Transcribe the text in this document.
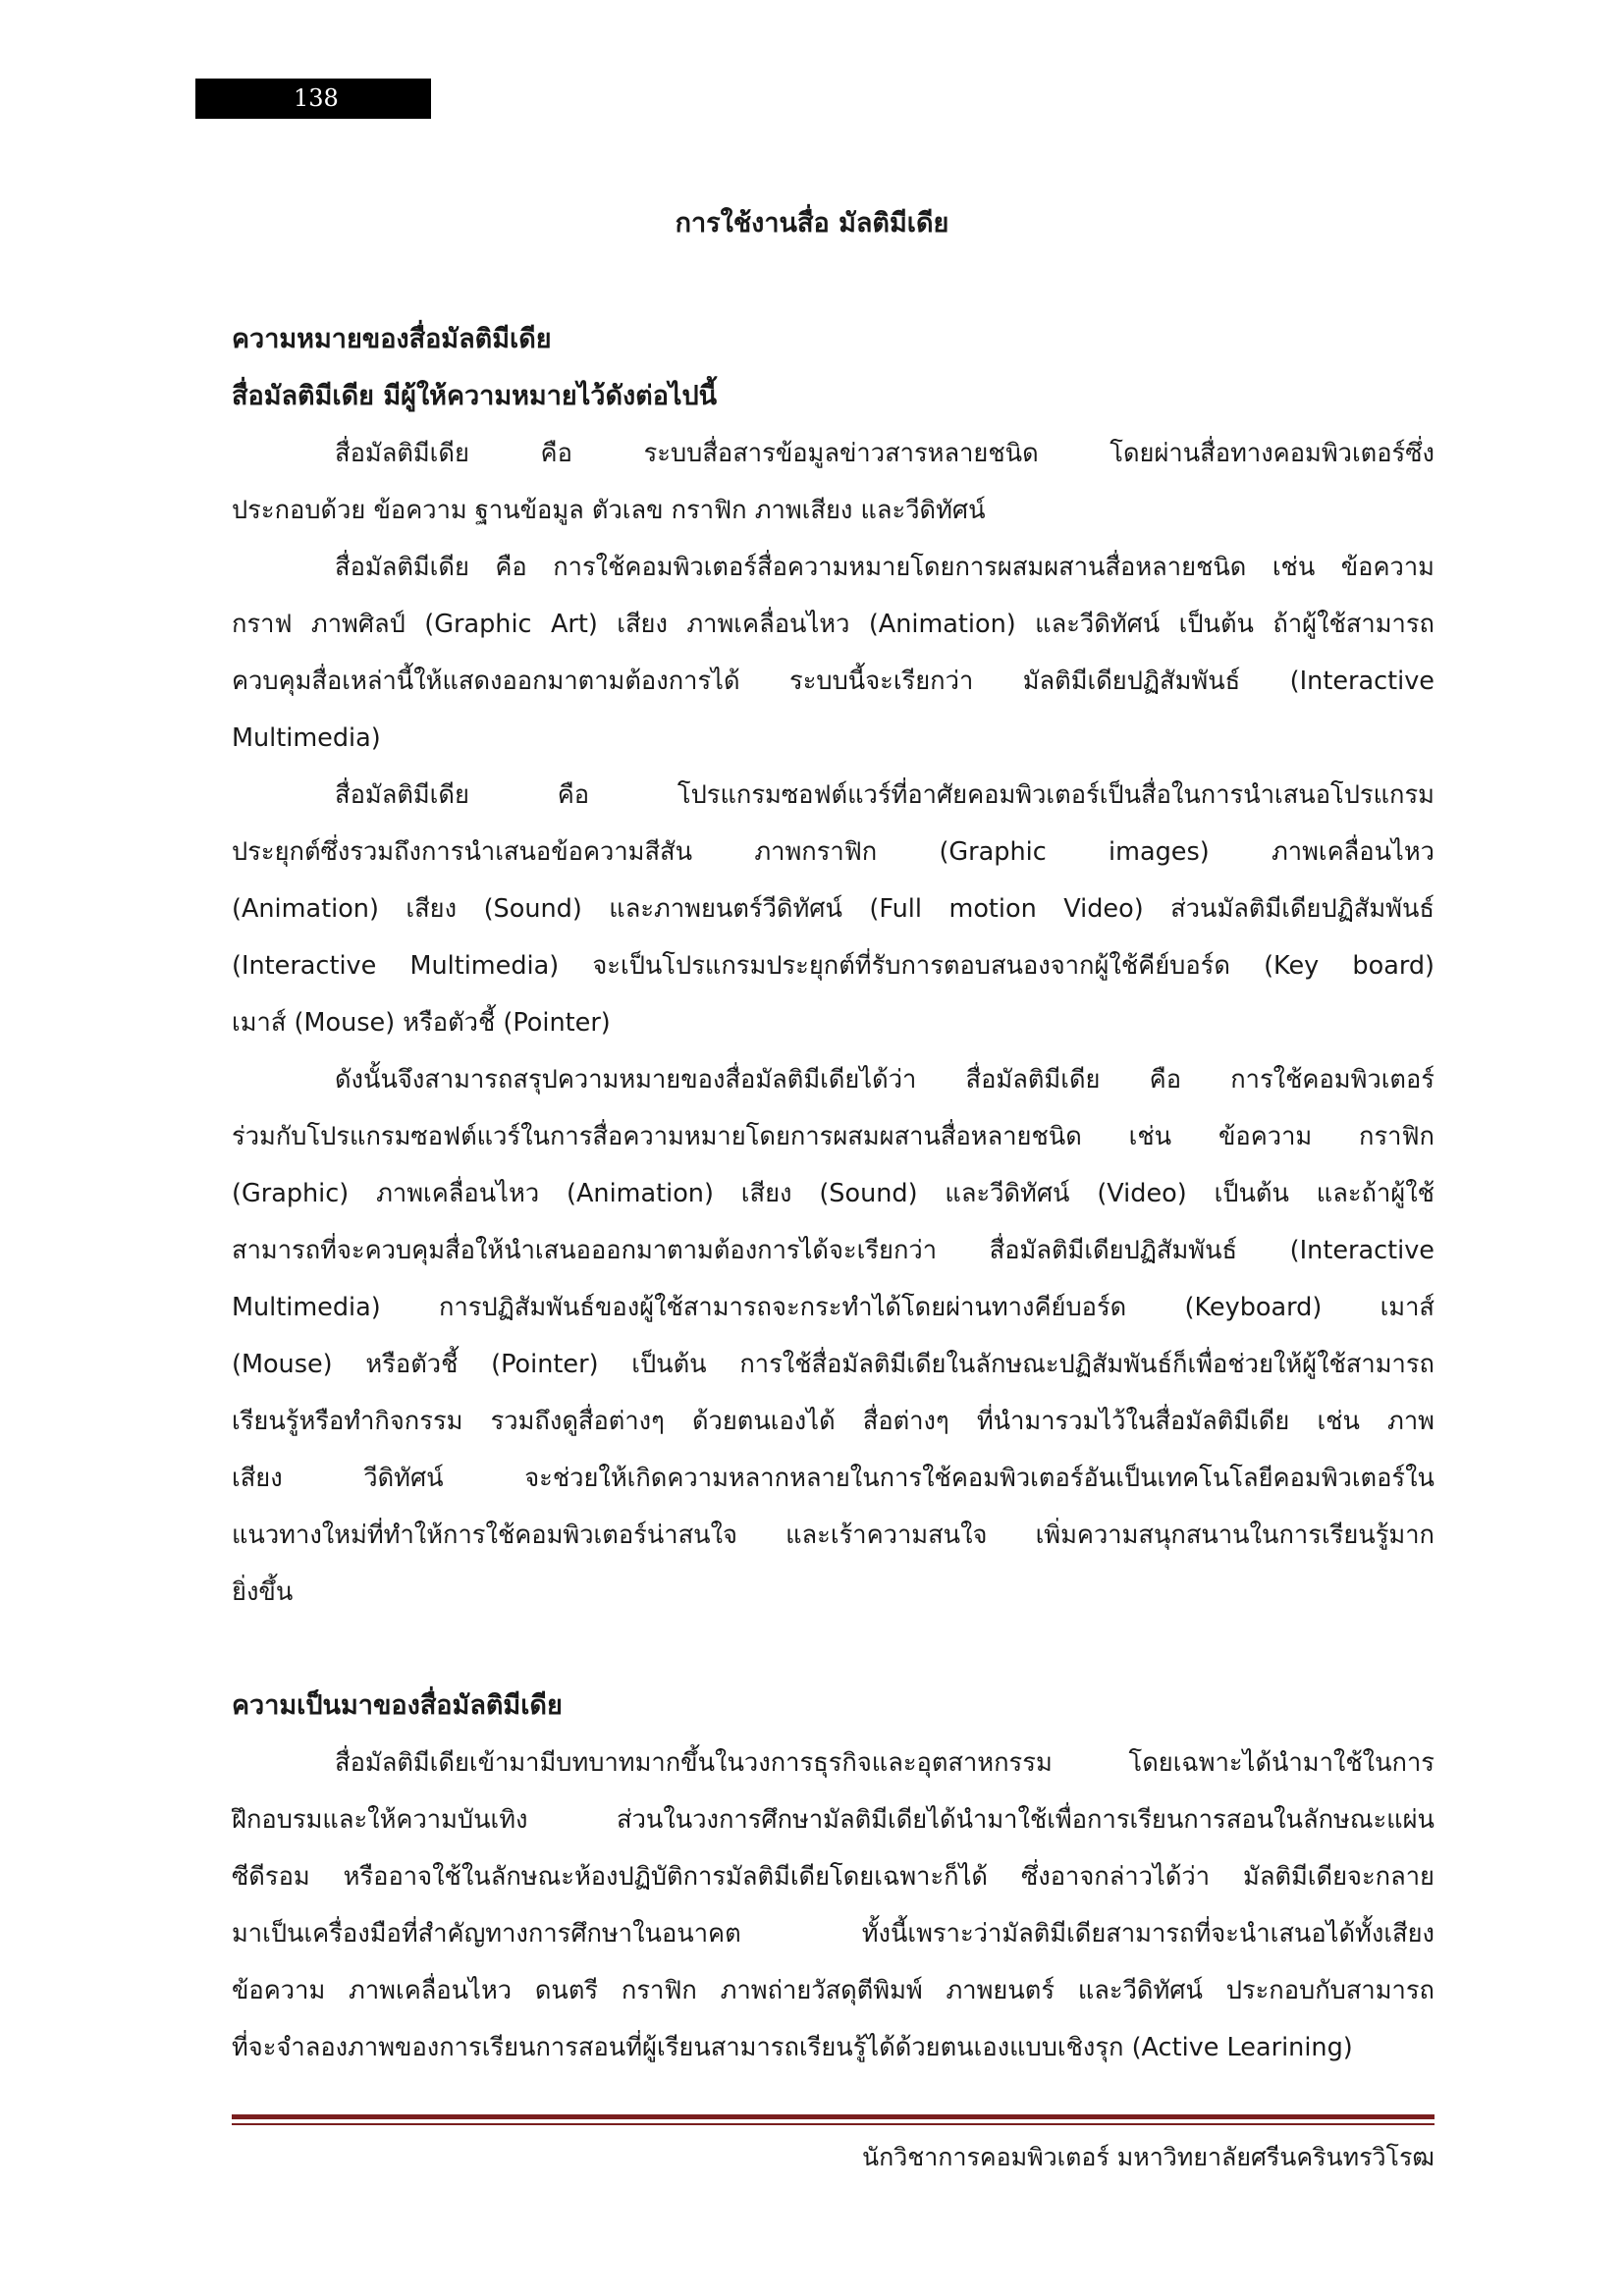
138
การใช้งานสื่อ มัลติมีเดีย
ความหมายของสื่อมัลติมีเดีย
สื่อมัลติมีเดีย มีผู้ให้ความหมายไว้ดังต่อไปนี้
สื่อมัลติมีเดีย คือ ระบบสื่อสารข้อมูลข่าวสารหลายชนิด โดยผ่านสื่อทางคอมพิวเตอร์ซึ่ง
ประกอบด้วย ข้อความ ฐานข้อมูล ตัวเลข กราฟิก ภาพเสียง และวีดิทัศน์
สื่อมัลติมีเดีย คือ การใช้คอมพิวเตอร์สื่อความหมายโดยการผสมผสานสื่อหลายชนิด เช่น ข้อความ
กราฟ ภาพศิลป์ (Graphic Art) เสียง ภาพเคลื่อนไหว (Animation) และวีดิทัศน์ เป็นต้น ถ้าผู้ใช้สามารถ
ควบคุมสื่อเหล่านี้ให้แสดงออกมาตามต้องการได้ ระบบนี้จะเรียกว่า มัลติมีเดียปฏิสัมพันธ์ (Interactive
Multimedia)
สื่อมัลติมีเดีย คือ โปรแกรมซอฟต์แวร์ที่อาศัยคอมพิวเตอร์เป็นสื่อในการนำเสนอโปรแกรม
ประยุกต์ซึ่งรวมถึงการนำเสนอข้อความสีสัน ภาพกราฟิก (Graphic images) ภาพเคลื่อนไหว
(Animation) เสียง (Sound) และภาพยนตร์วีดิทัศน์ (Full motion Video) ส่วนมัลติมีเดียปฏิสัมพันธ์
(Interactive Multimedia) จะเป็นโปรแกรมประยุกต์ที่รับการตอบสนองจากผู้ใช้คีย์บอร์ด (Key board)
เมาส์ (Mouse) หรือตัวชี้ (Pointer)
ดังนั้นจึงสามารถสรุปความหมายของสื่อมัลติมีเดียได้ว่า สื่อมัลติมีเดีย คือ การใช้คอมพิวเตอร์
ร่วมกับโปรแกรมซอฟต์แวร์ในการสื่อความหมายโดยการผสมผสานสื่อหลายชนิด เช่น ข้อความ กราฟิก
(Graphic) ภาพเคลื่อนไหว (Animation) เสียง (Sound) และวีดิทัศน์ (Video) เป็นต้น และถ้าผู้ใช้
สามารถที่จะควบคุมสื่อให้นำเสนอออกมาตามต้องการได้จะเรียกว่า สื่อมัลติมีเดียปฏิสัมพันธ์ (Interactive
Multimedia) การปฏิสัมพันธ์ของผู้ใช้สามารถจะกระทำได้โดยผ่านทางคีย์บอร์ด (Keyboard) เมาส์
(Mouse) หรือตัวชี้ (Pointer) เป็นต้น การใช้สื่อมัลติมีเดียในลักษณะปฏิสัมพันธ์ก็เพื่อช่วยให้ผู้ใช้สามารถ
เรียนรู้หรือทำกิจกรรม รวมถึงดูสื่อต่างๆ ด้วยตนเองได้ สื่อต่างๆ ที่นำมารวมไว้ในสื่อมัลติมีเดีย เช่น ภาพ
เสียง วีดิทัศน์ จะช่วยให้เกิดความหลากหลายในการใช้คอมพิวเตอร์อันเป็นเทคโนโลยีคอมพิวเตอร์ใน
แนวทางใหม่ที่ทำให้การใช้คอมพิวเตอร์น่าสนใจ และเร้าความสนใจ เพิ่มความสนุกสนานในการเรียนรู้มาก
ยิ่งขึ้น
ความเป็นมาของสื่อมัลติมีเดีย
สื่อมัลติมีเดียเข้ามามีบทบาทมากขึ้นในวงการธุรกิจและอุตสาหกรรม โดยเฉพาะได้นำมาใช้ในการ
ฝึกอบรมและให้ความบันเทิง ส่วนในวงการศึกษามัลติมีเดียได้นำมาใช้เพื่อการเรียนการสอนในลักษณะแผ่น
ซีดีรอม หรืออาจใช้ในลักษณะห้องปฏิบัติการมัลติมีเดียโดยเฉพาะก็ได้ ซึ่งอาจกล่าวได้ว่า มัลติมีเดียจะกลาย
มาเป็นเครื่องมือที่สำคัญทางการศึกษาในอนาคต ทั้งนี้เพราะว่ามัลติมีเดียสามารถที่จะนำเสนอได้ทั้งเสียง
ข้อความ ภาพเคลื่อนไหว ดนตรี กราฟิก ภาพถ่ายวัสดุตีพิมพ์ ภาพยนตร์ และวีดิทัศน์ ประกอบกับสามารถ
ที่จะจำลองภาพของการเรียนการสอนที่ผู้เรียนสามารถเรียนรู้ได้ด้วยตนเองแบบเชิงรุก (Active Learining)
นักวิชาการคอมพิวเตอร์ มหาวิทยาลัยศรีนครินทรวิโรฒ
